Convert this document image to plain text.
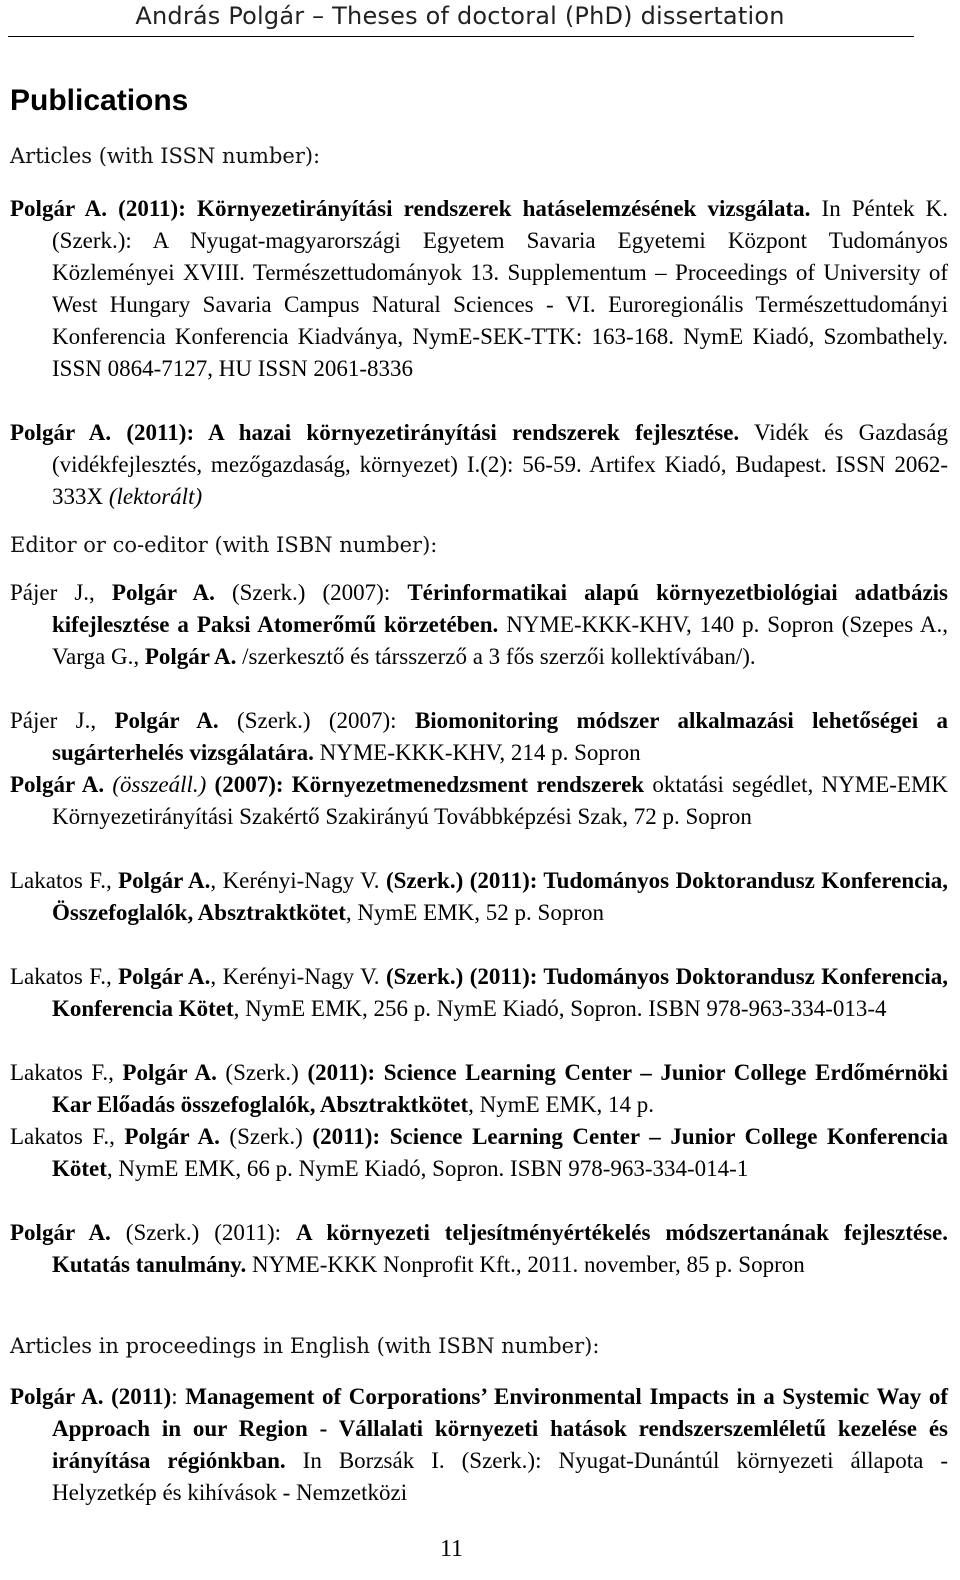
András Polgár – Theses of doctoral (PhD) dissertation
Publications
Articles (with ISSN number):
Polgár A. (2011): Környezetirányítási rendszerek hatáselemzésének vizsgálata. In Péntek K. (Szerk.): A Nyugat-magyarországi Egyetem Savaria Egyetemi Központ Tudományos Közleményei XVIII. Természettudományok 13. Supplementum – Proceedings of University of West Hungary Savaria Campus Natural Sciences - VI. Euroregionális Természettudományi Konferencia Konferencia Kiadványa, NymE-SEK-TTK: 163-168. NymE Kiadó, Szombathely. ISSN 0864-7127, HU ISSN 2061-8336
Polgár A. (2011): A hazai környezetirányítási rendszerek fejlesztése. Vidék és Gazdaság (vidékfejlesztés, mezőgazdaság, környezet) I.(2): 56-59. Artifex Kiadó, Budapest. ISSN 2062-333X (lektorált)
Editor or co-editor (with ISBN number):
Pájer J., Polgár A. (Szerk.) (2007): Térinformatikai alapú környezetbiológiai adatbázis kifejlesztése a Paksi Atomerőmű körzetében. NYME-KKK-KHV, 140 p. Sopron (Szepes A., Varga G., Polgár A. /szerkesztő és társszerző a 3 fős szerzői kollektívában/).
Pájer J., Polgár A. (Szerk.) (2007): Biomonitoring módszer alkalmazási lehetőségei a sugárterhelés vizsgálatára. NYME-KKK-KHV, 214 p. Sopron
Polgár A. (összeáll.) (2007): Környezetmenedzsment rendszerek oktatási segédlet, NYME-EMK Környezetirányítási Szakértő Szakirányú Továbbképzési Szak, 72 p. Sopron
Lakatos F., Polgár A., Kerényi-Nagy V. (Szerk.) (2011): Tudományos Doktorandusz Konferencia, Összefoglalók, Absztraktkötet, NymE EMK, 52 p. Sopron
Lakatos F., Polgár A., Kerényi-Nagy V. (Szerk.) (2011): Tudományos Doktorandusz Konferencia, Konferencia Kötet, NymE EMK, 256 p. NymE Kiadó, Sopron. ISBN 978-963-334-013-4
Lakatos F., Polgár A. (Szerk.) (2011): Science Learning Center – Junior College Erdőmérnöki Kar Előadás összefoglalók, Absztraktkötet, NymE EMK, 14 p.
Lakatos F., Polgár A. (Szerk.) (2011): Science Learning Center – Junior College Konferencia Kötet, NymE EMK, 66 p. NymE Kiadó, Sopron. ISBN 978-963-334-014-1
Polgár A. (Szerk.) (2011): A környezeti teljesítményértékelés módszertanának fejlesztése. Kutatás tanulmány. NYME-KKK Nonprofit Kft., 2011. november, 85 p. Sopron
Articles in proceedings in English (with ISBN number):
Polgár A. (2011): Management of Corporations’ Environmental Impacts in a Systemic Way of Approach in our Region - Vállalati környezeti hatások rendszerszemléletű kezelése és irányítása régiónkban. In Borzsák I. (Szerk.): Nyugat-Dunántúl környezeti állapota - Helyzetkép és kihívások - Nemzetközi
11
